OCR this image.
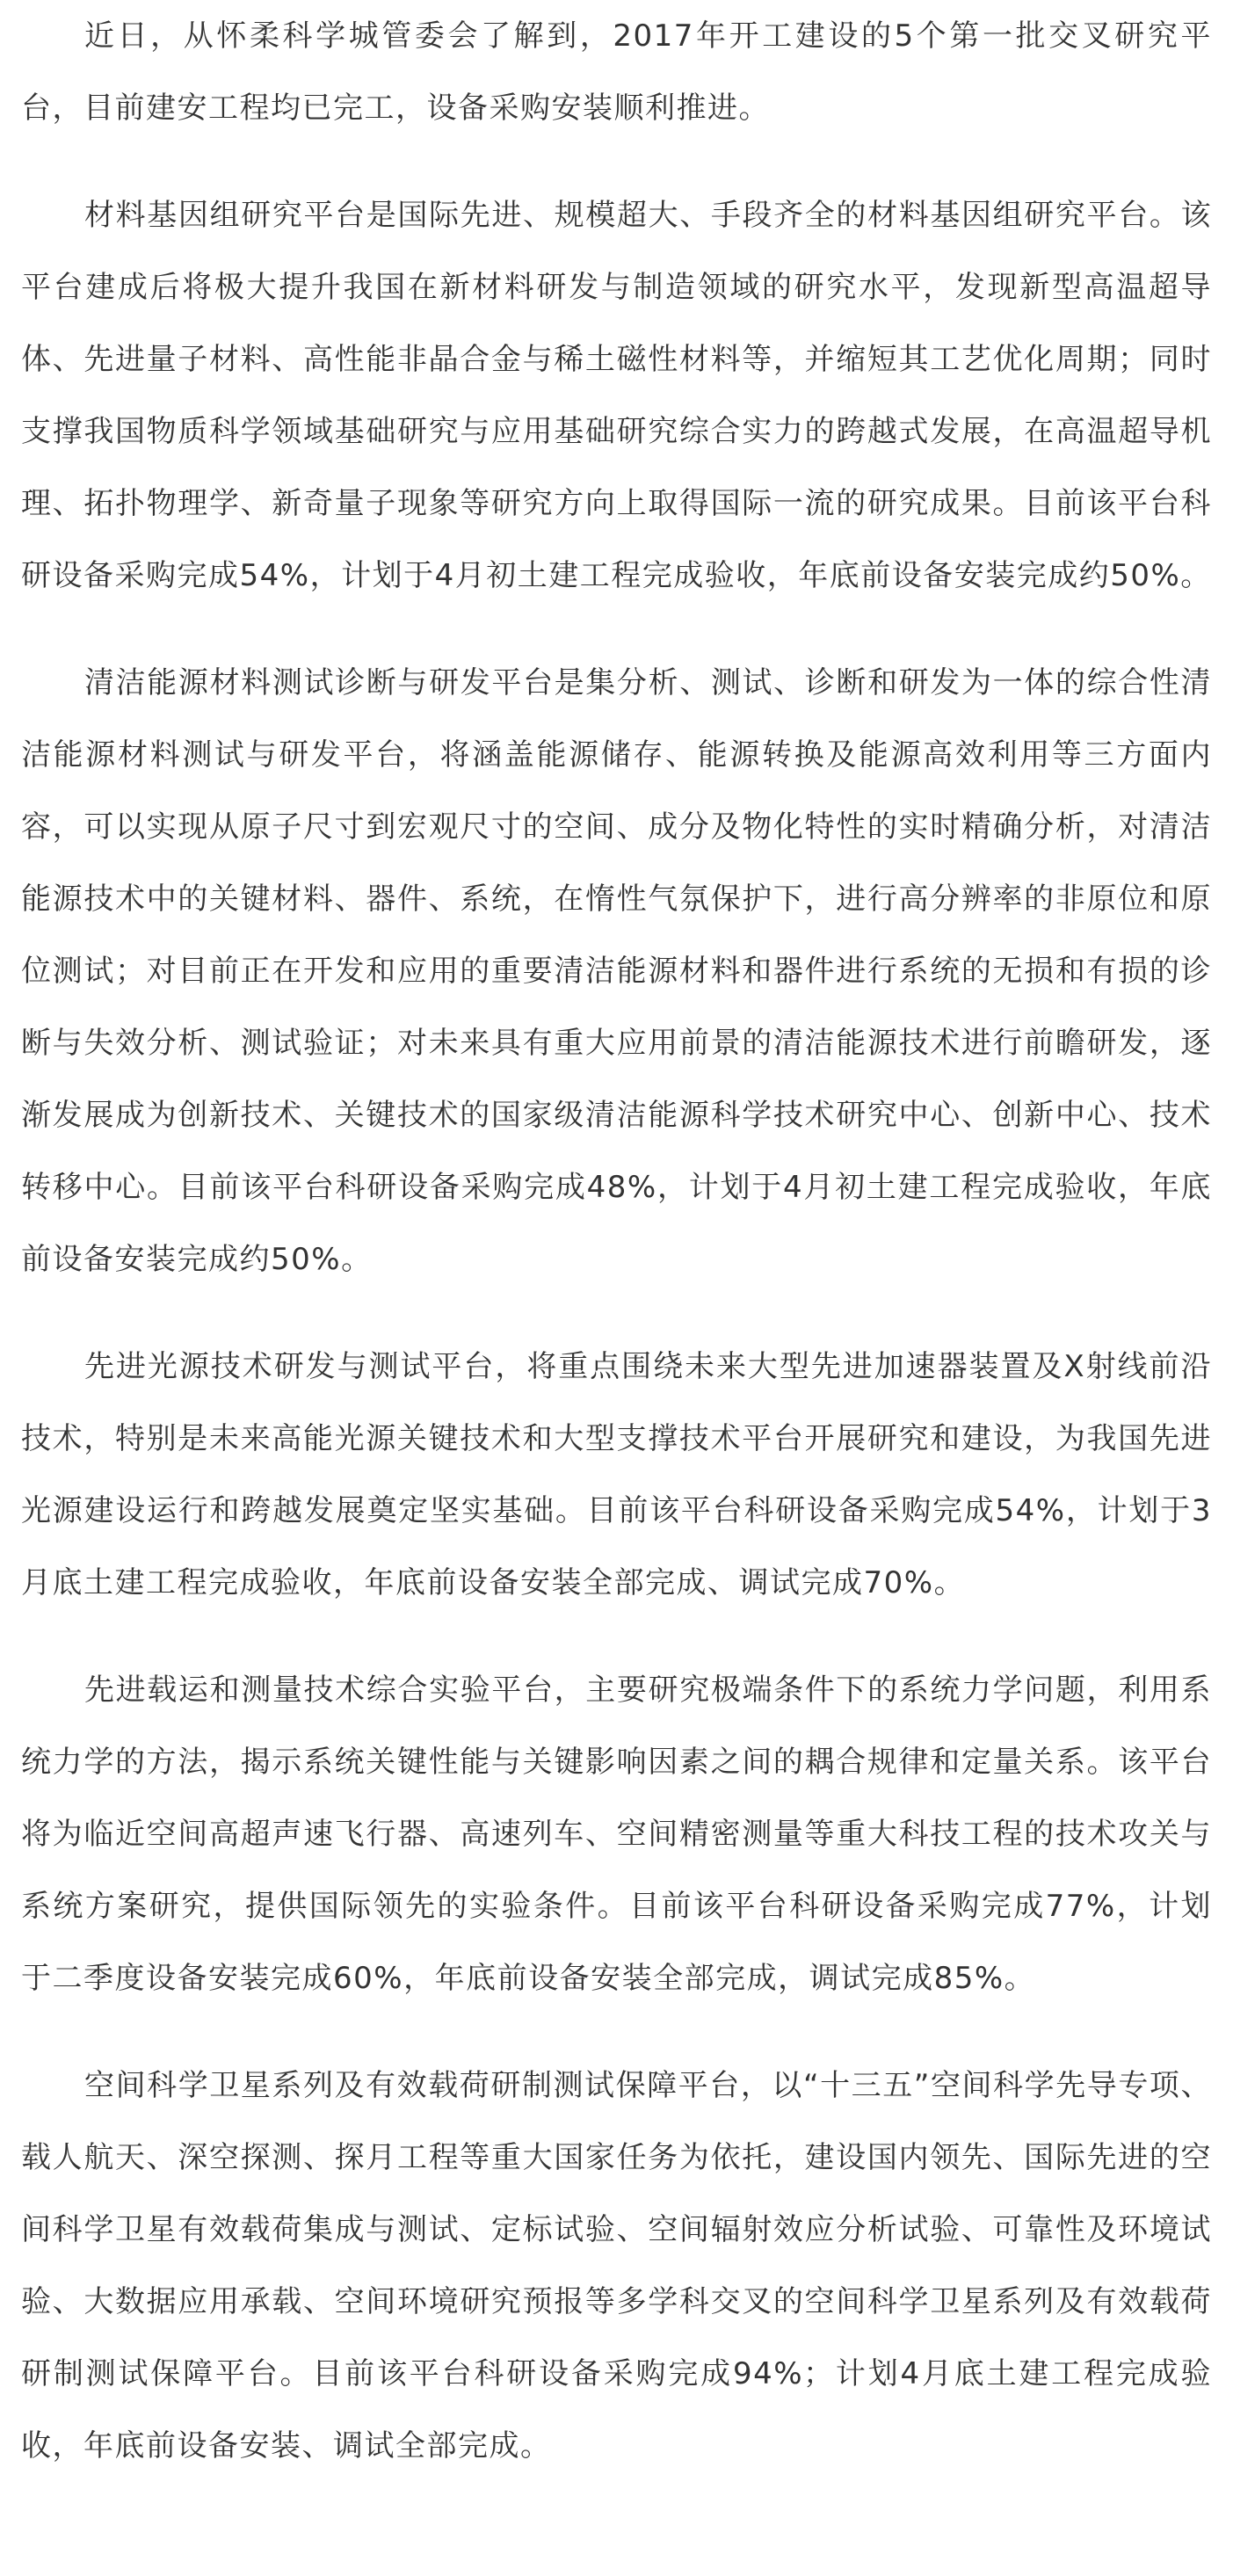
近日，从怀柔科学城管委会了解到，2017年开工建设的5个第一批交叉研究平台，目前建安工程均已完工，设备采购安装顺利推进。

材料基因组研究平台是国际先进、规模超大、手段齐全的材料基因组研究平台。该平台建成后将极大提升我国在新材料研发与制造领域的研究水平，发现新型高温超导体、先进量子材料、高性能非晶合金与稀土磁性材料等，并缩短其工艺优化周期；同时支撑我国物质科学领域基础研究与应用基础研究综合实力的跨越式发展，在高温超导机理、拓扑物理学、新奇量子现象等研究方向上取得国际一流的研究成果。目前该平台科研设备采购完成54%，计划于4月初土建工程完成验收，年底前设备安装完成约50%。

清洁能源材料测试诊断与研发平台是集分析、测试、诊断和研发为一体的综合性清洁能源材料测试与研发平台，将涵盖能源储存、能源转换及能源高效利用等三方面内容，可以实现从原子尺寸到宏观尺寸的空间、成分及物化特性的实时精确分析，对清洁能源技术中的关键材料、器件、系统，在惰性气氛保护下，进行高分辨率的非原位和原位测试；对目前正在开发和应用的重要清洁能源材料和器件进行系统的无损和有损的诊断与失效分析、测试验证；对未来具有重大应用前景的清洁能源技术进行前瞻研发，逐渐发展成为创新技术、关键技术的国家级清洁能源科学技术研究中心、创新中心、技术转移中心。目前该平台科研设备采购完成48%，计划于4月初土建工程完成验收，年底前设备安装完成约50%。

先进光源技术研发与测试平台，将重点围绕未来大型先进加速器装置及X射线前沿技术，特别是未来高能光源关键技术和大型支撑技术平台开展研究和建设，为我国先进光源建设运行和跨越发展奠定坚实基础。目前该平台科研设备采购完成54%，计划于3月底土建工程完成验收，年底前设备安装全部完成、调试完成70%。

先进载运和测量技术综合实验平台，主要研究极端条件下的系统力学问题，利用系统力学的方法，揭示系统关键性能与关键影响因素之间的耦合规律和定量关系。该平台将为临近空间高超声速飞行器、高速列车、空间精密测量等重大科技工程的技术攻关与系统方案研究，提供国际领先的实验条件。目前该平台科研设备采购完成77%，计划于二季度设备安装完成60%，年底前设备安装全部完成，调试完成85%。

空间科学卫星系列及有效载荷研制测试保障平台，以“十三五”空间科学先导专项、载人航天、深空探测、探月工程等重大国家任务为依托，建设国内领先、国际先进的空间科学卫星有效载荷集成与测试、定标试验、空间辐射效应分析试验、可靠性及环境试验、大数据应用承载、空间环境研究预报等多学科交叉的空间科学卫星系列及有效载荷研制测试保障平台。目前该平台科研设备采购完成94%；计划4月底土建工程完成验收，年底前设备安装、调试全部完成。
